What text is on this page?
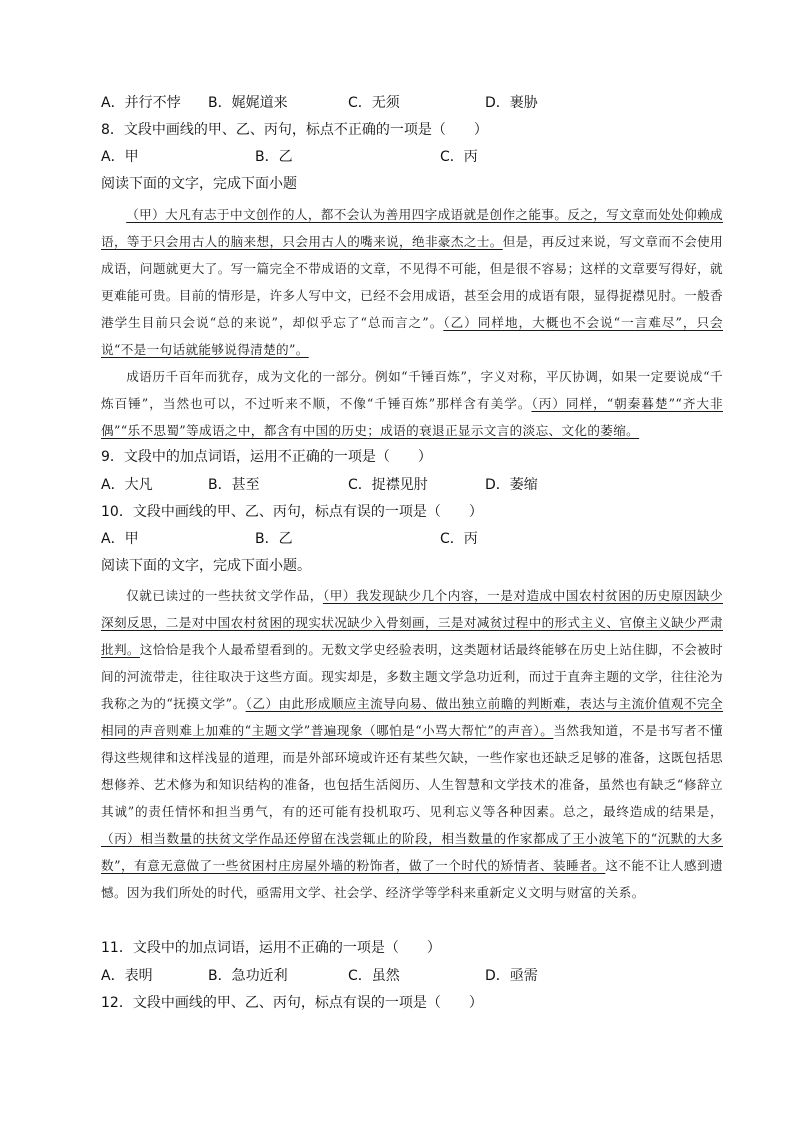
A．并行不悖 B．娓娓道来	C．无须	D．裹胁
8．文段中画线的甲、乙、丙句，标点不正确的一项是（　　）
A．甲	B．乙	C．丙
阅读下面的文字，完成下面小题

（甲）大凡有志于中文创作的人，都不会认为善用四字成语就是创作之能事。反之，写文章而处处仰赖成语，等于只会用古人的脑来想，只会用古人的嘴来说，绝非豪杰之士。但是，再反过来说，写文章而不会使用成语，问题就更大了。写一篇完全不带成语的文章，不见得不可能，但是很不容易；这样的文章要写得好，就更难能可贵。目前的情形是，许多人写中文，已经不会用成语，甚至会用的成语有限，显得捉襟见肘。一般香港学生目前只会说“总的来说”，却似乎忘了“总而言之”。（乙）同样地，大概也不会说“一言难尽”，只会说“不是一句话就能够说得清楚的”。

成语历千百年而犹存，成为文化的一部分。例如“千锤百炼”，字义对称，平仄协调，如果一定要说成“千炼百锤”，当然也可以，不过听来不顺，不像“千锤百炼”那样含有美学。（丙）同样，“朝秦暮楚”“齐大非偶”“乐不思蜀”等成语之中，都含有中国的历史；成语的衰退正显示文言的淡忘、文化的萎缩。

9．文段中的加点词语，运用不正确的一项是（　　）
A．大凡	B．甚至	C．捉襟见肘	D．萎缩
10．文段中画线的甲、乙、丙句，标点有误的一项是（　　）
A．甲	B．乙	C．丙
阅读下面的文字，完成下面小题。

仅就已读过的一些扶贫文学作品，（甲）我发现缺少几个内容，一是对造成中国农村贫困的历史原因缺少深刻反思，二是对中国农村贫困的现实状况缺少入骨刻画，三是对减贫过程中的形式主义、官僚主义缺少严肃批判。这恰恰是我个人最希望看到的。无数文学史经验表明，这类题材话最终能够在历史上站住脚，不会被时间的河流带走，往往取决于这些方面。现实却是，多数主题文学急功近利，而过于直奔主题的文学，往往沦为我称之为的“抚摸文学”。（乙）由此形成顺应主流导向易、做出独立前瞻的判断难，表达与主流价值观不完全相同的声音则难上加难的“主题文学”普遍现象（哪怕是“小骂大帮忙”的声音）。当然我知道，不是书写者不懂得这些规律和这样浅显的道理，而是外部环境或许还有某些欠缺，一些作家也还缺乏足够的准备，这既包括思想修养、艺术修为和知识结构的准备，也包括生活阅历、人生智慧和文学技术的准备，虽然也有缺乏“修辞立其诚”的责任情怀和担当勇气，有的还可能有投机取巧、见利忘义等各种因素。总之，最终造成的结果是，（丙）相当数量的扶贫文学作品还停留在浅尝辄止的阶段，相当数量的作家都成了王小波笔下的“沉默的大多数”，有意无意做了一些贫困村庄房屋外墙的粉饰者，做了一个时代的矫情者、装睡者。这不能不让人感到遗憾。因为我们所处的时代，亟需用文学、社会学、经济学等学科来重新定义文明与财富的关系。

11．文段中的加点词语，运用不正确的一项是（　　）
A．表明	B．急功近利	C．虽然	D．亟需
12．文段中画线的甲、乙、丙句，标点有误的一项是（　　）
